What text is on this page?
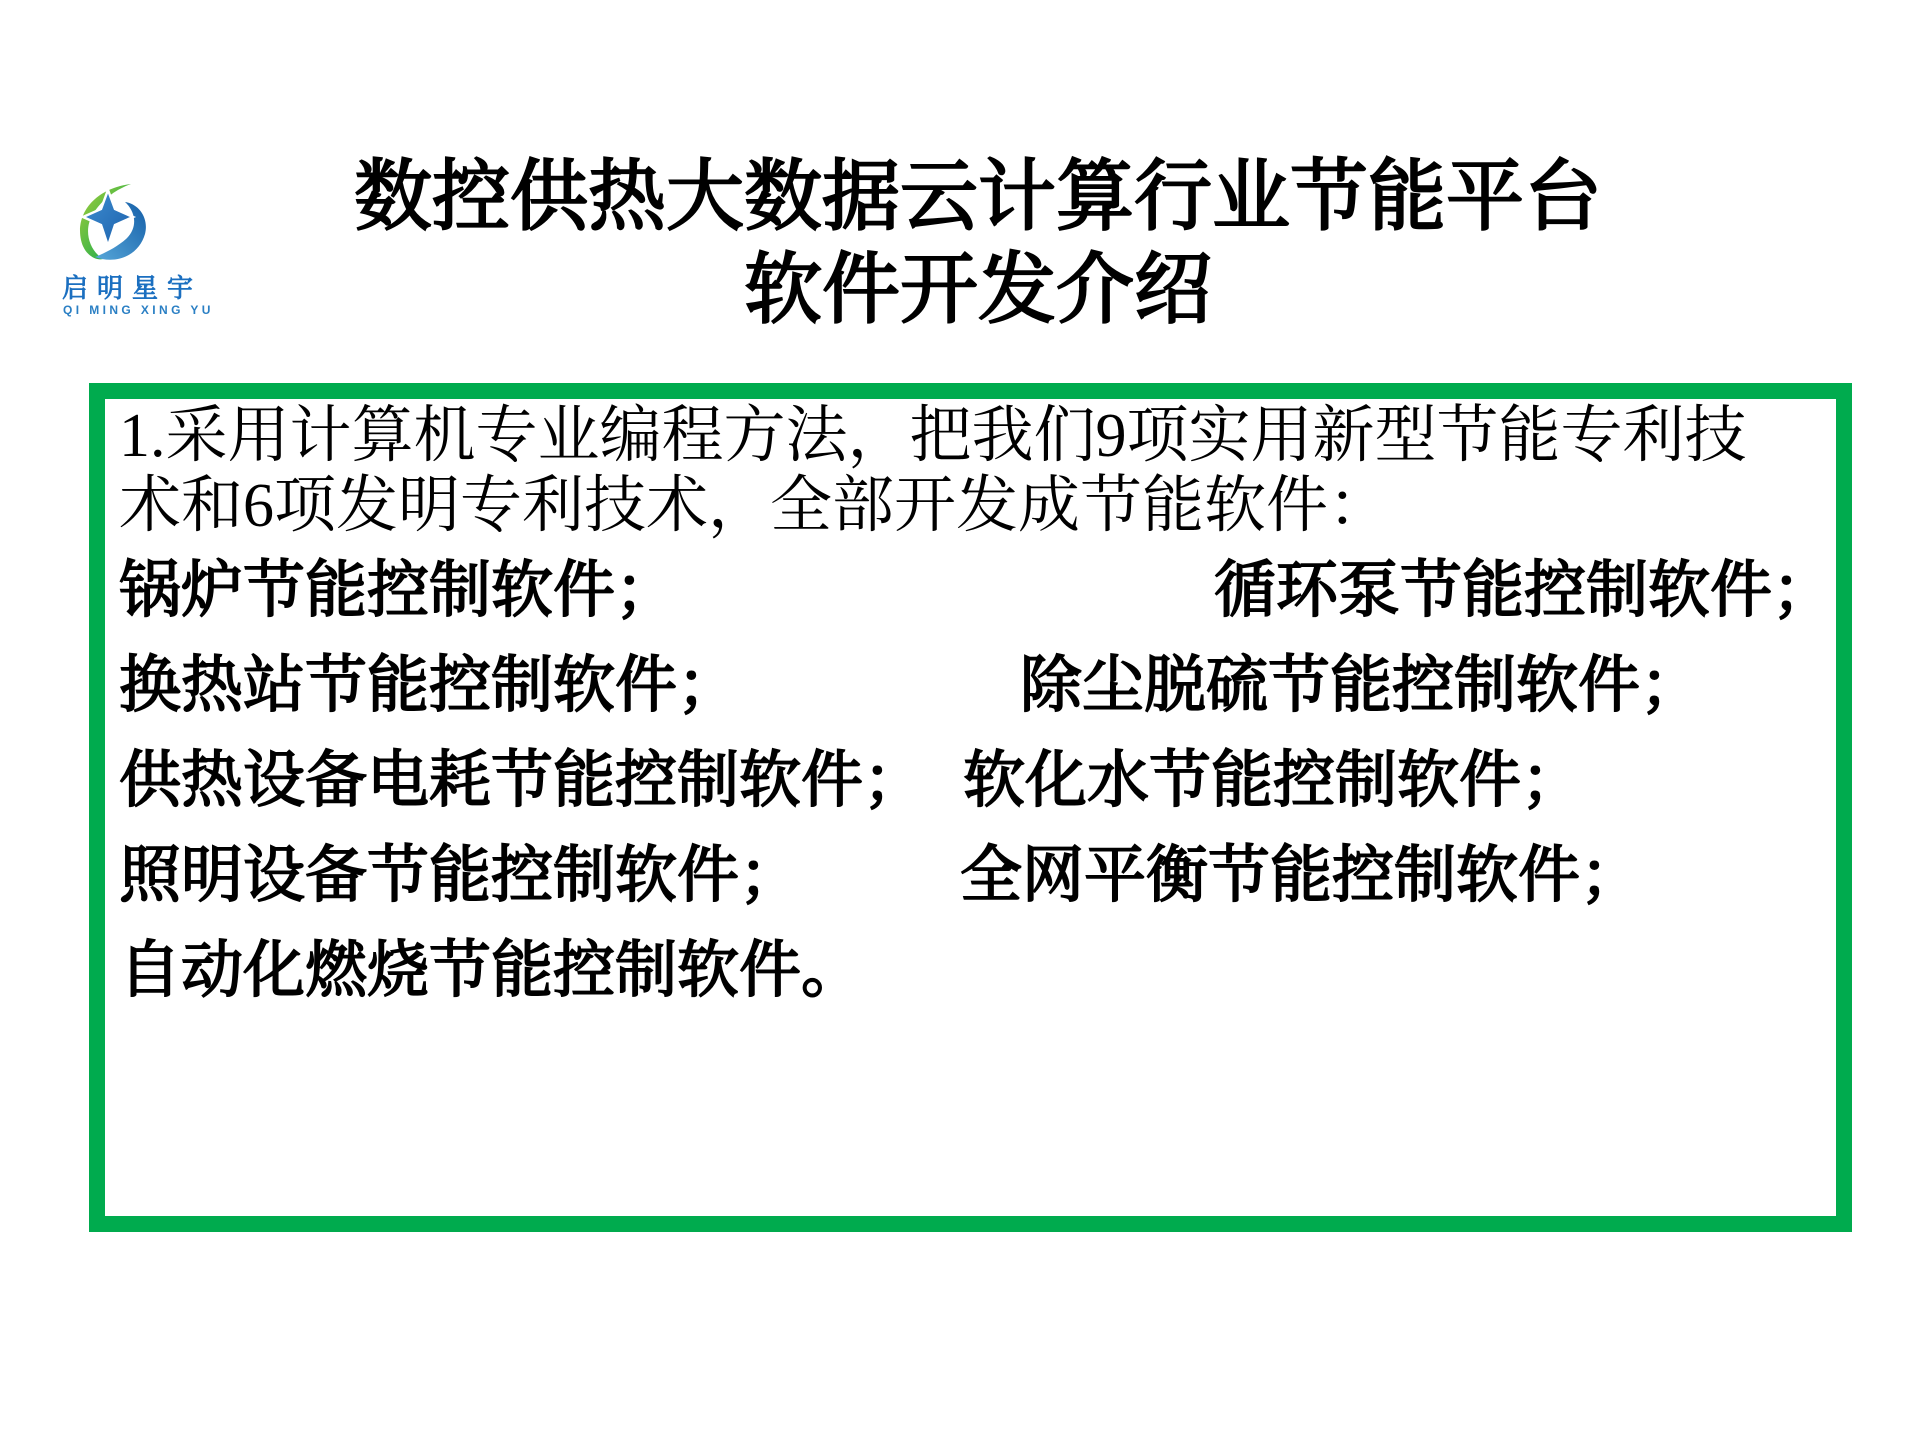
启明星宇
QI MING XING YU
数控供热大数据云计算行业节能平台
软件开发介绍
1.采用计算机专业编程方法，把我们9项实用新型节能专利技
术和6项发明专利技术，全部开发成节能软件：
锅炉节能控制软件；	循环泵节能控制软件；
换热站节能控制软件；	除尘脱硫节能控制软件；
供热设备电耗节能控制软件； 软化水节能控制软件；
照明设备节能控制软件；	全网平衡节能控制软件；
自动化燃烧节能控制软件。
